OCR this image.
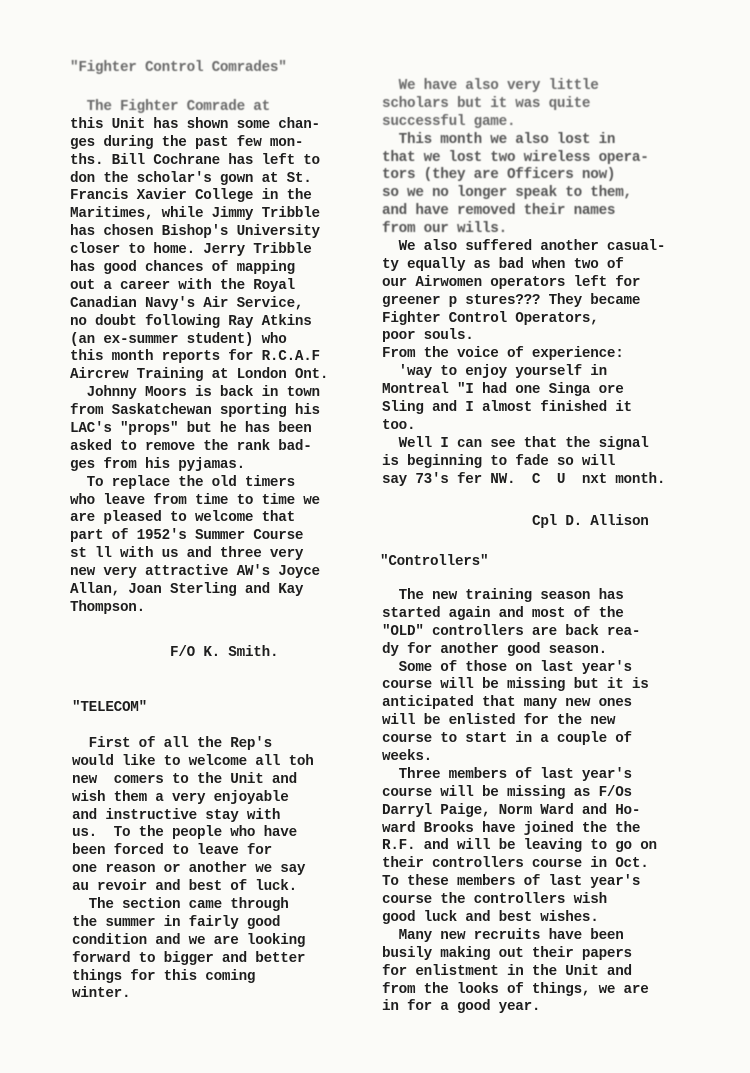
"Fighter Control Comrades"
The Fighter Comrade at
this Unit has shown some chan-
ges during the past few mon-
ths. Bill Cochrane has left to
don the scholar's gown at St.
Francis Xavier College in the
Maritimes, while Jimmy Tribble
has chosen Bishop's University
closer to home. Jerry Tribble
has good chances of mapping
out a career with the Royal
Canadian Navy's Air Service,
no doubt following Ray Atkins
(an ex-summer student) who
this month reports for R.C.A.F
Aircrew Training at London Ont.
Johnny Moors is back in town
from Saskatchewan sporting his
LAC's "props" but he has been
asked to remove the rank bad-
ges from his pyjamas.
To replace the old timers
who leave from time to time we
are pleased to welcome that
part of 1952's Summer Course
st ll with us and three very
new very attractive AW's Joyce
Allan, Joan Sterling and Kay
Thompson.
F/O K. Smith.
"TELECOM"
First of all the Rep's
would like to welcome all toh
new  comers to the Unit and
wish them a very enjoyable
and instructive stay with
us.  To the people who have
been forced to leave for
one reason or another we say
au revoir and best of luck.
The section came through
the summer in fairly good
condition and we are looking
forward to bigger and better
things for this coming
winter.
We have also very little
scholars but it was quite
successful game.
This month we also lost in
that we lost two wireless opera-
tors (they are Officers now)
so we no longer speak to them,
and have removed their names
from our wills.
We also suffered another casual-
ty equally as bad when two of
our Airwomen operators left for
greener p stures??? They became
Fighter Control Operators,
poor souls.
From the voice of experience:
'way to enjoy yourself in
Montreal "I had one Singa ore
Sling and I almost finished it
too.
Well I can see that the signal
is beginning to fade so will
say 73's fer NW.  C  U  nxt month.
Cpl D. Allison
"Controllers"
The new training season has
started again and most of the
"OLD" controllers are back rea-
dy for another good season.
Some of those on last year's
course will be missing but it is
anticipated that many new ones
will be enlisted for the new
course to start in a couple of
weeks.
Three members of last year's
course will be missing as F/Os
Darryl Paige, Norm Ward and Ho-
ward Brooks have joined the the
R.F. and will be leaving to go on
their controllers course in Oct.
To these members of last year's
course the controllers wish
good luck and best wishes.
Many new recruits have been
busily making out their papers
for enlistment in the Unit and
from the looks of things, we are
in for a good year.
